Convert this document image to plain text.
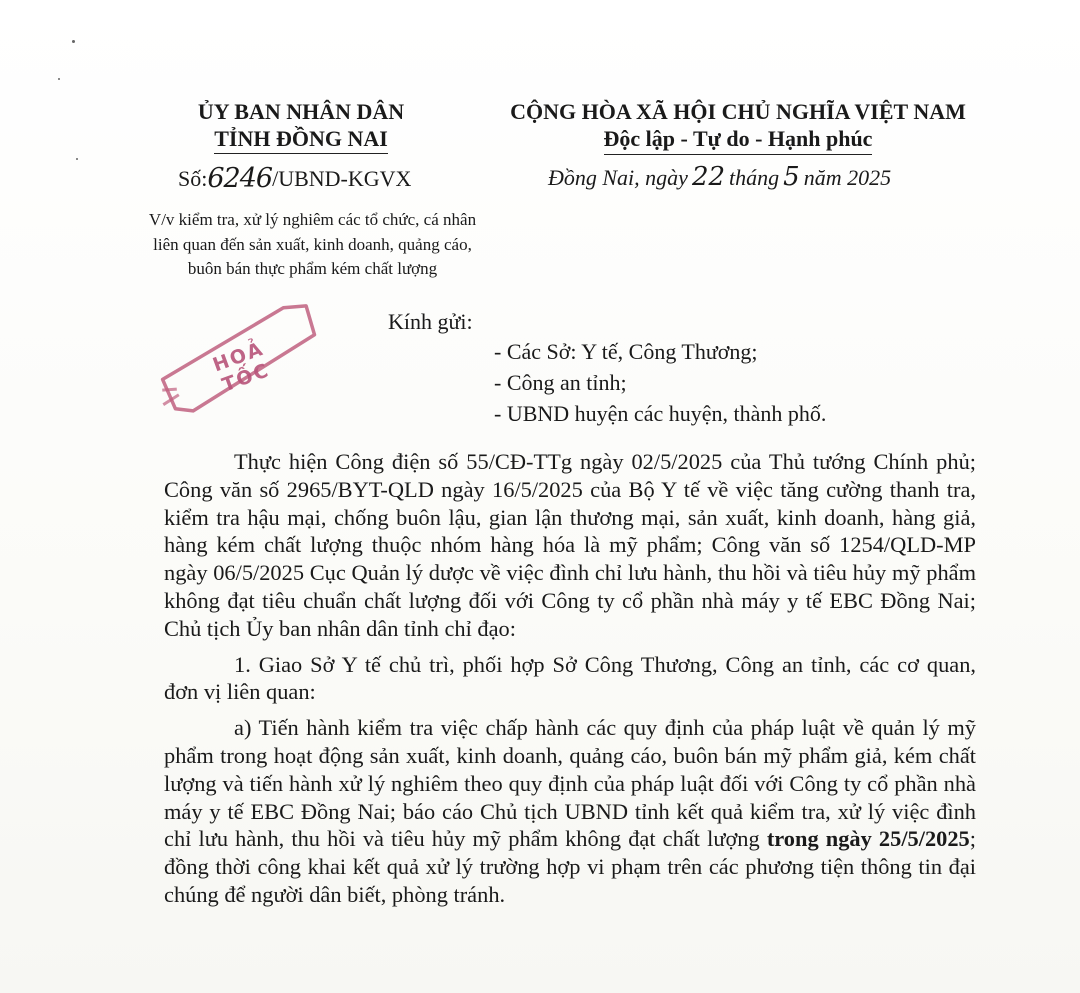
ỦY BAN NHÂN DÂN
TỈNH ĐỒNG NAI
Số:6246/UBND-KGVX
V/v kiểm tra, xử lý nghiêm các tổ chức, cá nhân
liên quan đến sản xuất, kinh doanh, quảng cáo,
buôn bán thực phẩm kém chất lượng
CỘNG HÒA XÃ HỘI CHỦ NGHĨA VIỆT NAM
Độc lập - Tự do - Hạnh phúc
Đồng Nai, ngày 22 tháng 5 năm 2025
HOẢ TỐC
Kính gửi:
- Các Sở: Y tế, Công Thương;
- Công an tỉnh;
- UBND huyện các huyện, thành phố.

Thực hiện Công điện số 55/CĐ-TTg ngày 02/5/2025 của Thủ tướng Chính phủ; Công văn số 2965/BYT-QLD ngày 16/5/2025 của Bộ Y tế về việc tăng cường thanh tra, kiểm tra hậu mại, chống buôn lậu, gian lận thương mại, sản xuất, kinh doanh, hàng giả, hàng kém chất lượng thuộc nhóm hàng hóa là mỹ phẩm; Công văn số 1254/QLD-MP ngày 06/5/2025 Cục Quản lý dược về việc đình chỉ lưu hành, thu hồi và tiêu hủy mỹ phẩm không đạt tiêu chuẩn chất lượng đối với Công ty cổ phần nhà máy y tế EBC Đồng Nai; Chủ tịch Ủy ban nhân dân tỉnh chỉ đạo:

1. Giao Sở Y tế chủ trì, phối hợp Sở Công Thương, Công an tỉnh, các cơ quan, đơn vị liên quan:

a) Tiến hành kiểm tra việc chấp hành các quy định của pháp luật về quản lý mỹ phẩm trong hoạt động sản xuất, kinh doanh, quảng cáo, buôn bán mỹ phẩm giả, kém chất lượng và tiến hành xử lý nghiêm theo quy định của pháp luật đối với Công ty cổ phần nhà máy y tế EBC Đồng Nai; báo cáo Chủ tịch UBND tỉnh kết quả kiểm tra, xử lý việc đình chỉ lưu hành, thu hồi và tiêu hủy mỹ phẩm không đạt chất lượng trong ngày 25/5/2025; đồng thời công khai kết quả xử lý trường hợp vi phạm trên các phương tiện thông tin đại chúng để người dân biết, phòng tránh.
